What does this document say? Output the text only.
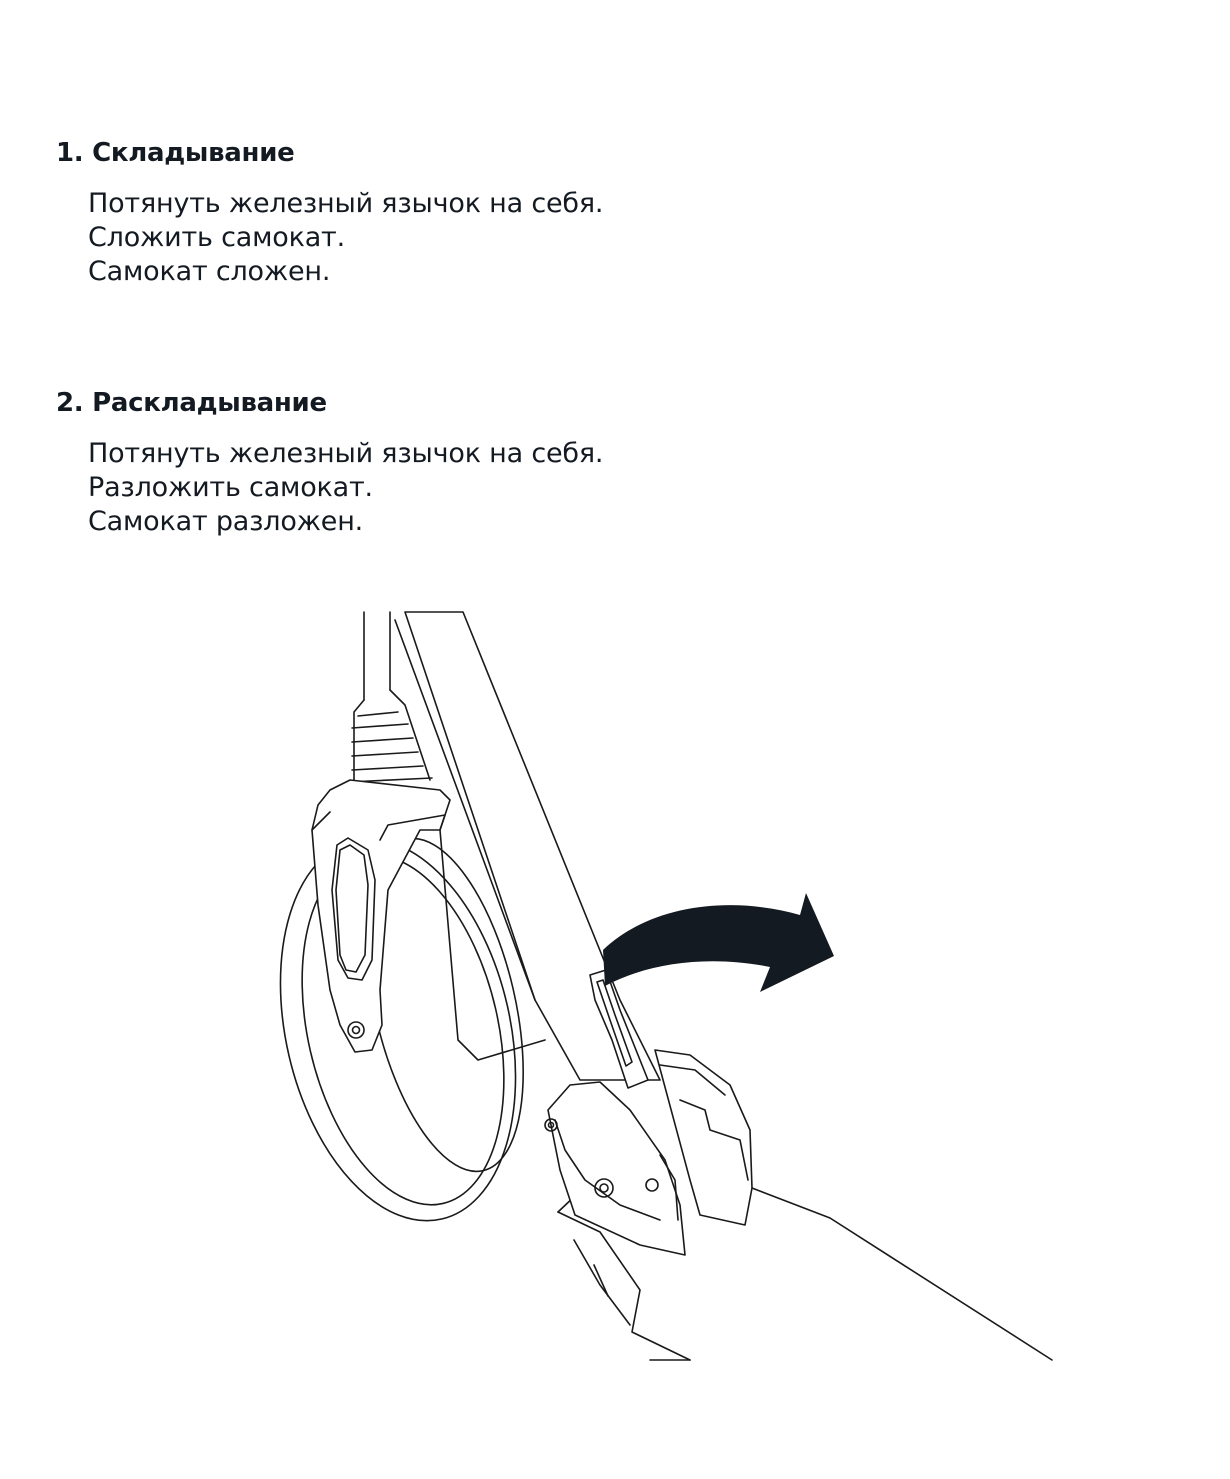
1. Складывание
Потянуть железный язычок на себя.
Сложить самокат.
Самокат сложен.
2. Раскладывание
Потянуть железный язычок на себя.
Разложить самокат.
Самокат разложен.
